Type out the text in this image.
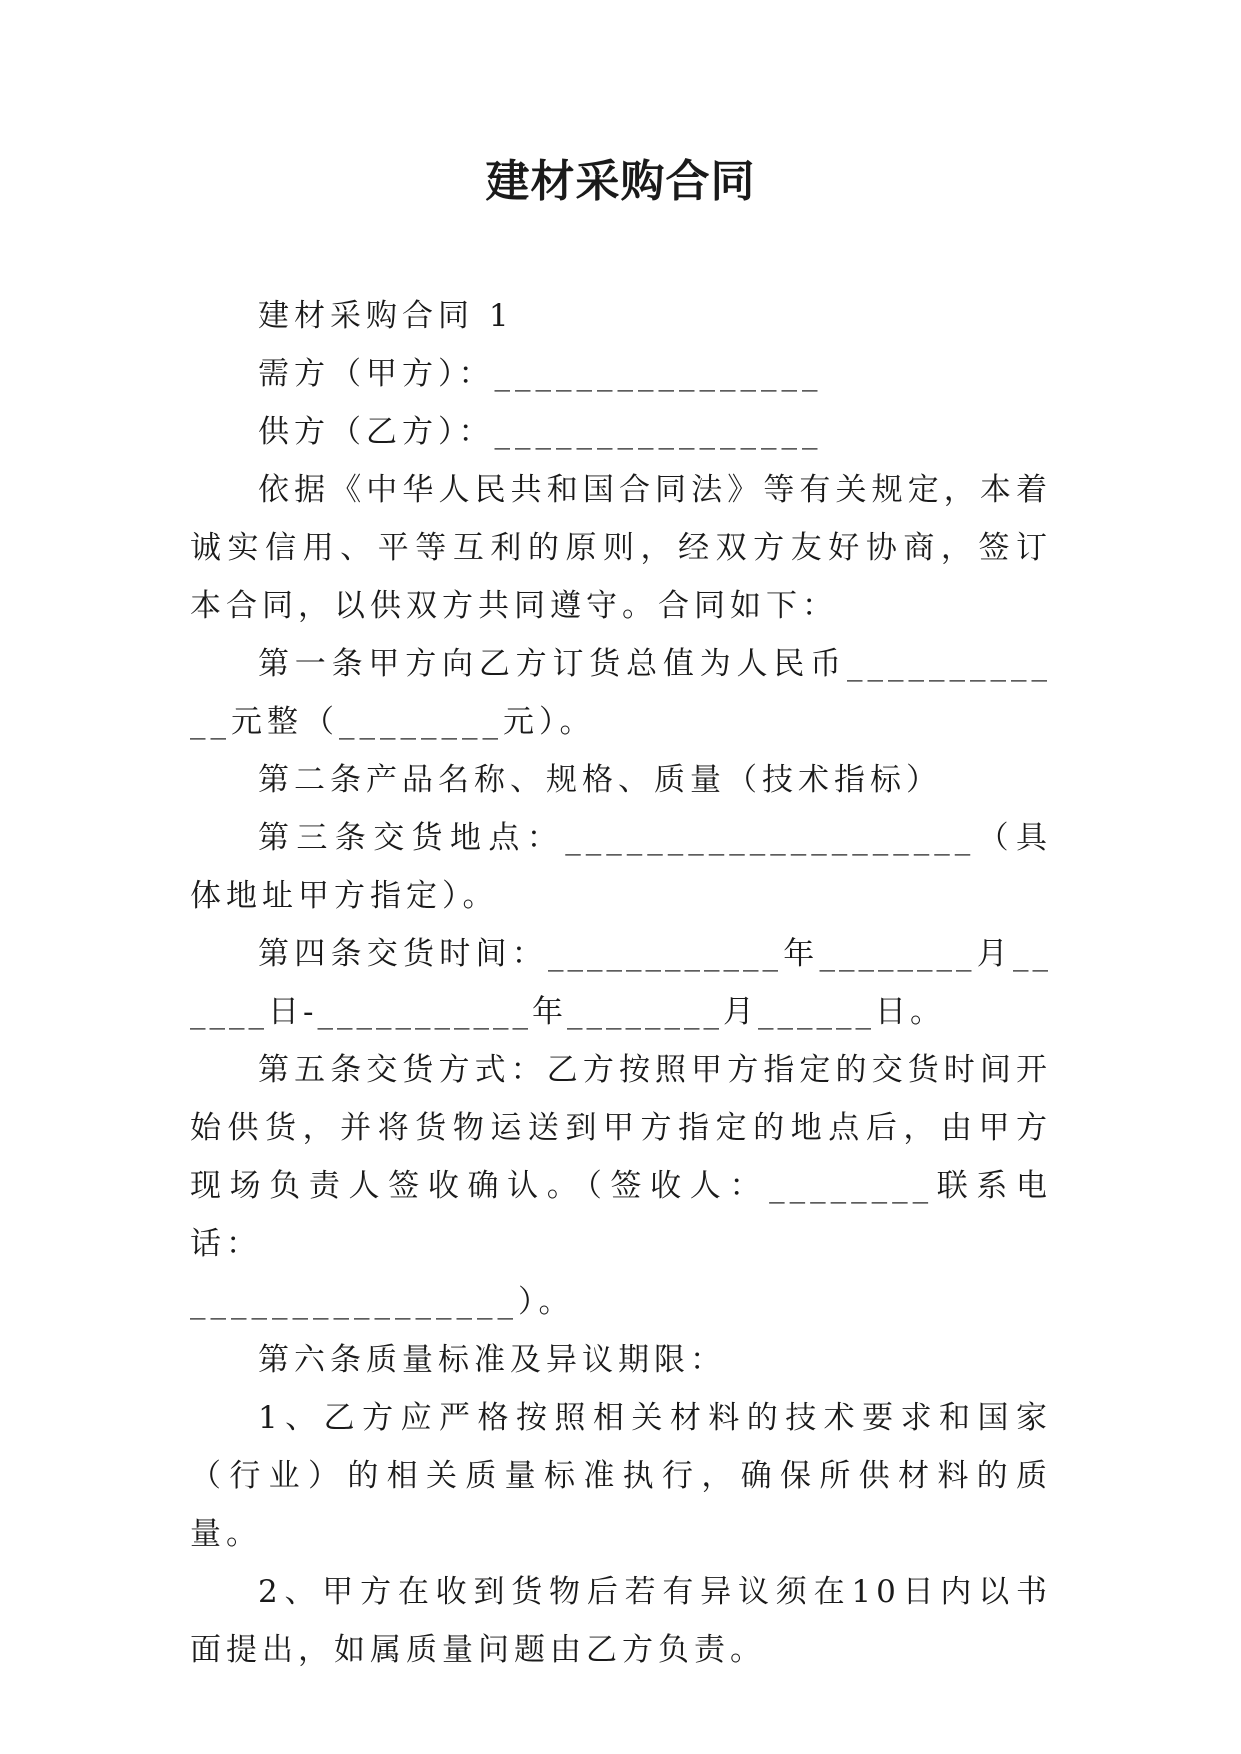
建材采购合同

建材采购合同 1

需方（甲方）：________________

供方（乙方）：________________

依据《中华人民共和国合同法》等有关规定，本着诚实信用、平等互利的原则，经双方友好协商，签订本合同，以供双方共同遵守。合同如下：

第一条甲方向乙方订货总值为人民币____________元整（________元）。

第二条产品名称、规格、质量（技术指标）

第三条交货地点：____________________（具体地址甲方指定）。

第四条交货时间：____________年________月______日-___________年________月______日。

第五条交货方式：乙方按照甲方指定的交货时间开始供货，并将货物运送到甲方指定的地点后，由甲方现场负责人签收确认。（签收人：________联系电话：

________________）。

第六条质量标准及异议期限：

1、乙方应严格按照相关材料的技术要求和国家（行业）的相关质量标准执行，确保所供材料的质量。

2、甲方在收到货物后若有异议须在10日内以书面提出，如属质量问题由乙方负责。
